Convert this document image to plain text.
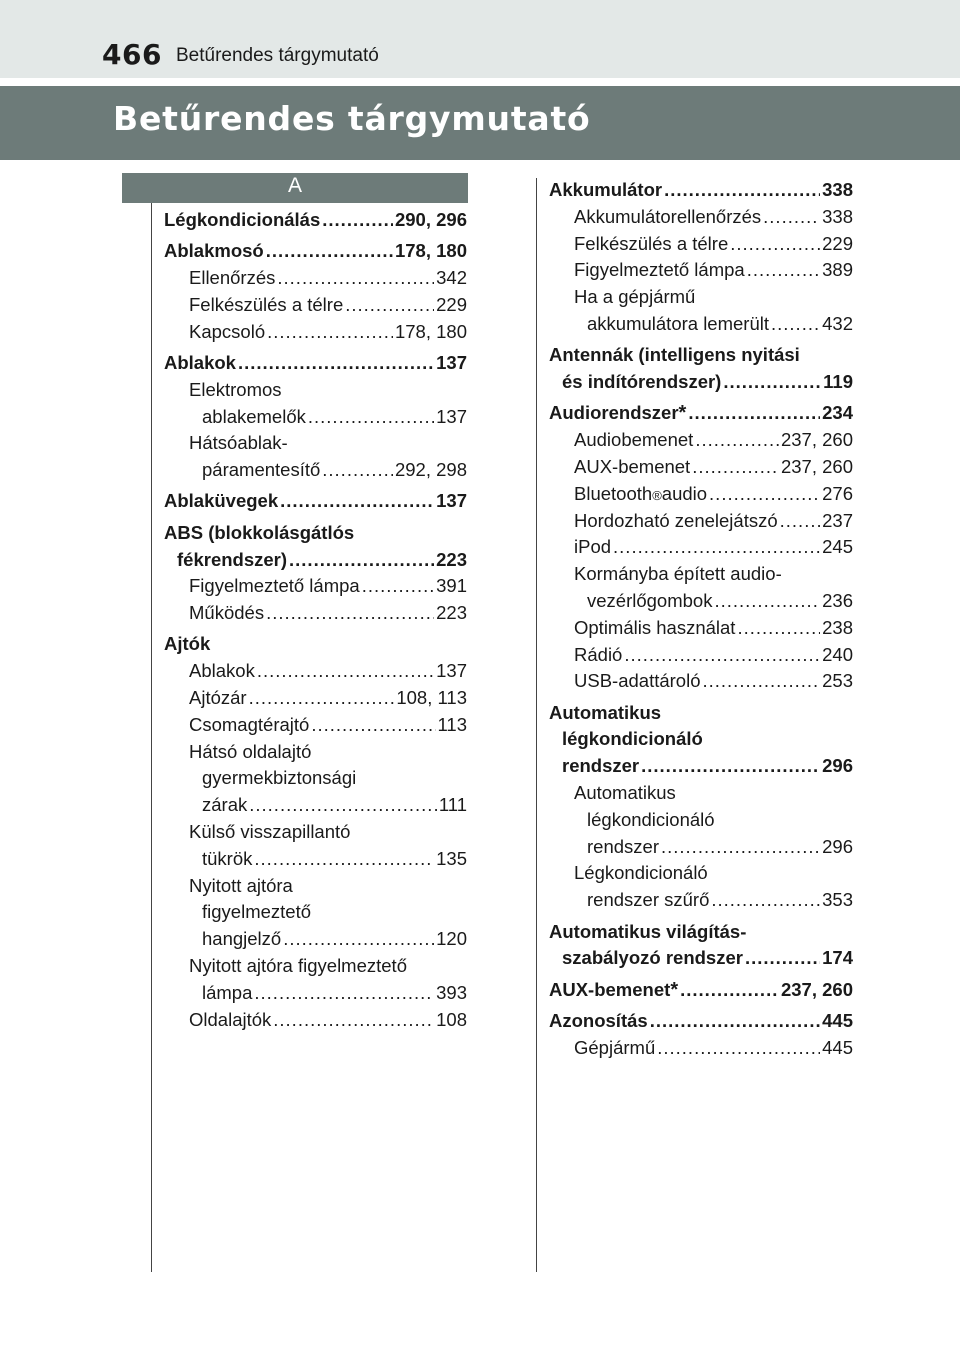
466 Betűrendes tárgymutató
Betűrendes tárgymutató
A
Légkondicionálás .....	290, 296
Ablakmosó .....	178, 180
Ellenőrzés .....	342
Felkészülés a télre .....	229
Kapcsoló .....	178, 180
Ablakok .....	137
Elektromos
ablakemelők .....	137
Hátsóablak-
páramentesítő .....	292, 298
Ablaküvegek .....	137
ABS (blokkolásgátlós
fékrendszer) .....	223
Figyelmeztető lámpa .....	391
Működés .....	223
Ajtók
Ablakok .....	137
Ajtózár .....	108, 113
Csomagtérajtó .....	113
Hátsó oldalajtó
gyermekbiztonsági
zárak .....	111
Külső visszapillantó
tükrök .....	135
Nyitott ajtóra
figyelmeztető
hangjelző .....	120
Nyitott ajtóra figyelmeztető
lámpa .....	393
Oldalajtók .....	108
Akkumulátor .....	338
Akkumulátorellenőrzés .....	338
Felkészülés a télre .....	229
Figyelmeztető lámpa .....	389
Ha a gépjármű
akkumulátora lemerült .....	432
Antennák (intelligens nyitási
és indítórendszer) .....	119
Audiorendszer * .....	234
Audiobemenet .....	237, 260
AUX-bemenet .....	237, 260
Bluetooth ® audio .....	276
Hordozható zenelejátszó ..... 237
iPod .....	245
Kormányba épített audio-
vezérlőgombok .....	236
Optimális használat .....	238
Rádió .....	240
USB-adattároló .....	253
Automatikus
légkondicionáló
rendszer .....	296
Automatikus
légkondicionáló
rendszer .....	296
Légkondicionáló
rendszer szűrő .....	353
Automatikus világítás-
szabályozó rendszer .....	174
AUX-bemenet * .....	237, 260
Azonosítás .....	445
Gépjármű .....	445
